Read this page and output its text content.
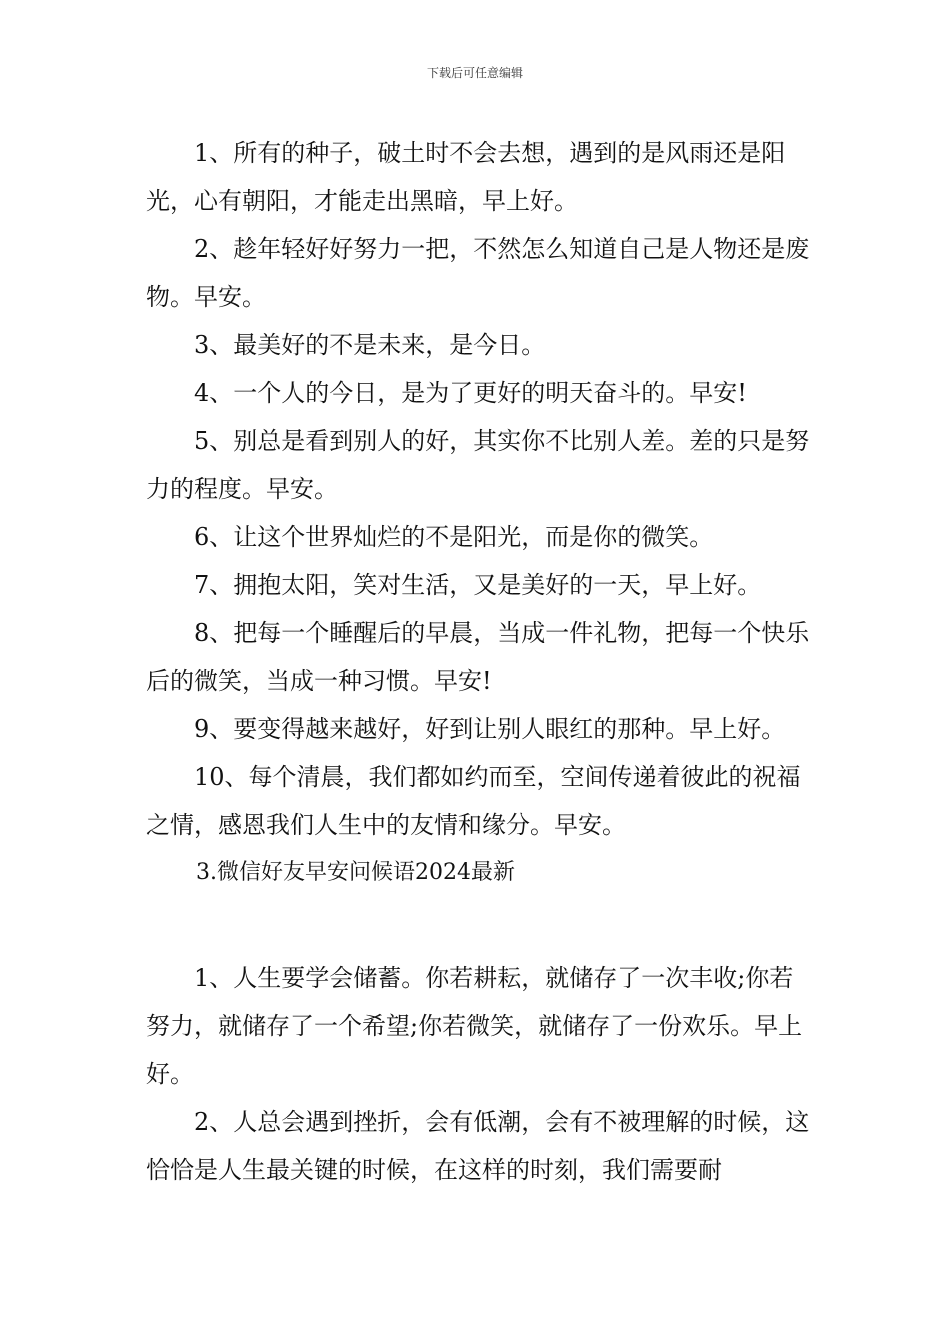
下载后可任意编辑

1、所有的种子，破土时不会去想，遇到的是风雨还是阳光，心有朝阳，才能走出黑暗，早上好。

2、趁年轻好好努力一把，不然怎么知道自己是人物还是废物。早安。

3、最美好的不是未来，是今日。

4、一个人的今日，是为了更好的明天奋斗的。早安!

5、别总是看到别人的好，其实你不比别人差。差的只是努力的程度。早安。

6、让这个世界灿烂的不是阳光，而是你的微笑。

7、拥抱太阳，笑对生活，又是美好的一天，早上好。

8、把每一个睡醒后的早晨，当成一件礼物，把每一个快乐后的微笑，当成一种习惯。早安!

9、要变得越来越好，好到让别人眼红的那种。早上好。

10、每个清晨，我们都如约而至，空间传递着彼此的祝福之情，感恩我们人生中的友情和缘分。早安。

3.微信好友早安问候语2024最新

1、人生要学会储蓄。你若耕耘，就储存了一次丰收;你若努力，就储存了一个希望;你若微笑，就储存了一份欢乐。早上好。

2、人总会遇到挫折，会有低潮，会有不被理解的时候，这恰恰是人生最关键的时候，在这样的时刻，我们需要耐
